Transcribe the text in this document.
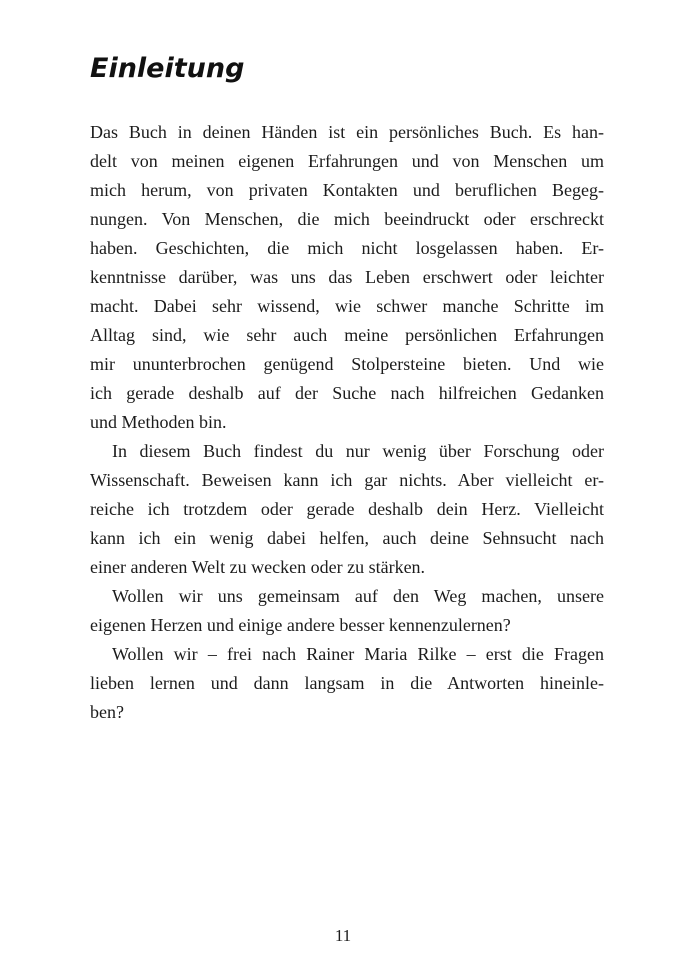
Einleitung
Das Buch in deinen Händen ist ein persönliches Buch. Es han-
delt von meinen eigenen Erfahrungen und von Menschen um
mich herum, von privaten Kontakten und beruflichen Begeg-
nungen. Von Menschen, die mich beeindruckt oder erschreckt
haben. Geschichten, die mich nicht losgelassen haben. Er-
kenntnisse darüber, was uns das Leben erschwert oder leichter
macht. Dabei sehr wissend, wie schwer manche Schritte im
Alltag sind, wie sehr auch meine persönlichen Erfahrungen
mir ununterbrochen genügend Stolpersteine bieten. Und wie
ich gerade deshalb auf der Suche nach hilfreichen Gedanken
und Methoden bin.
In diesem Buch findest du nur wenig über Forschung oder
Wissenschaft. Beweisen kann ich gar nichts. Aber vielleicht er-
reiche ich trotzdem oder gerade deshalb dein Herz. Vielleicht
kann ich ein wenig dabei helfen, auch deine Sehnsucht nach
einer anderen Welt zu wecken oder zu stärken.
Wollen wir uns gemeinsam auf den Weg machen, unsere
eigenen Herzen und einige andere besser kennenzulernen?
Wollen wir – frei nach Rainer Maria Rilke – erst die Fragen
lieben lernen und dann langsam in die Antworten hineinle-
ben?
11
